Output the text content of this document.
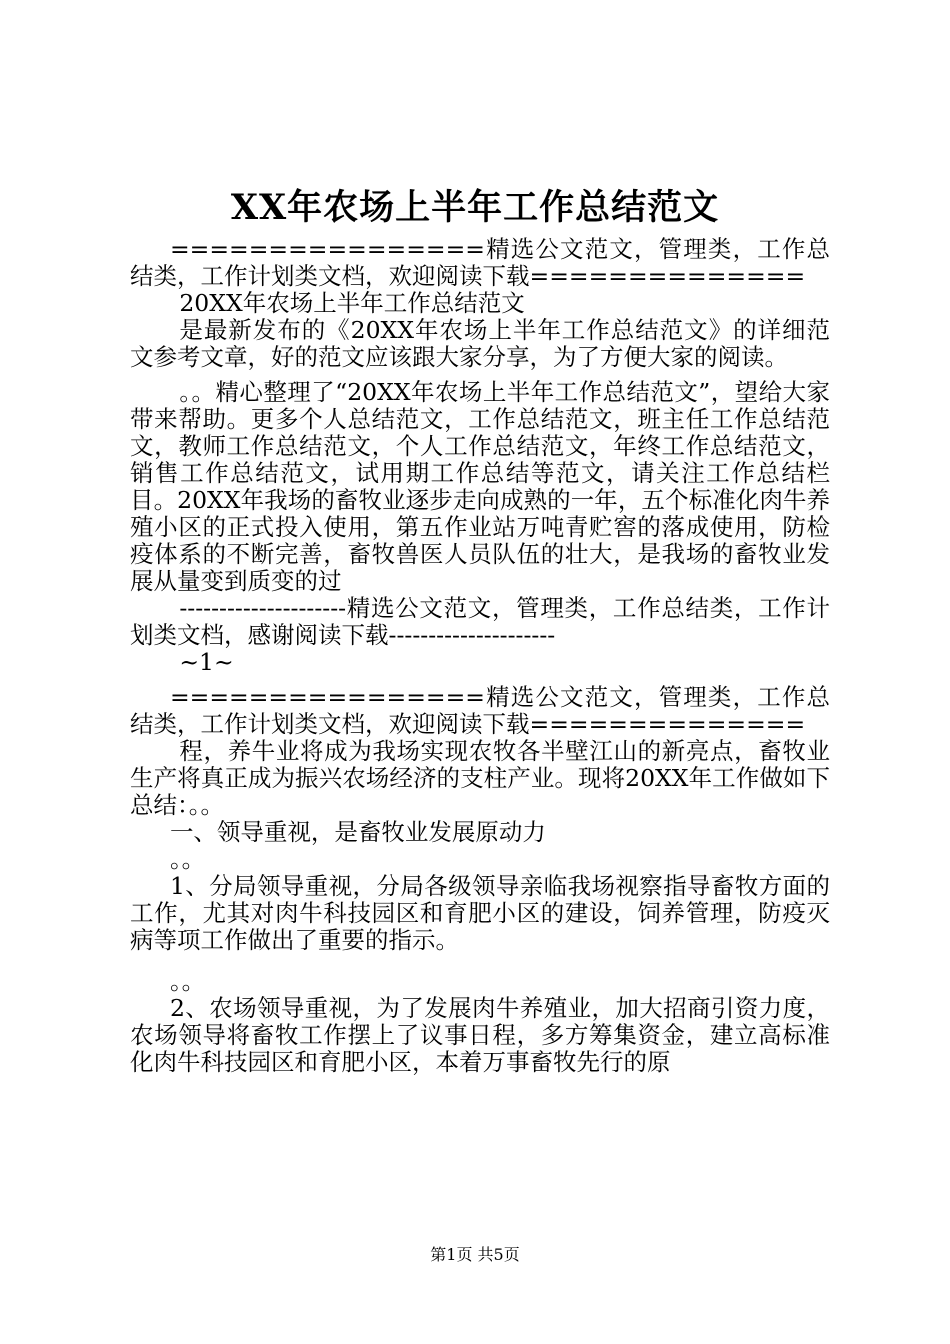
XX年农场上半年工作总结范文

================精选公文范文，管理类，工作总结类，工作计划类文档，欢迎阅读下载==============

20XX年农场上半年工作总结范文

是最新发布的《20XX年农场上半年工作总结范文》的详细范文参考文章，好的范文应该跟大家分享，为了方便大家的阅读。

。。精心整理了“20XX年农场上半年工作总结范文”，望给大家带来帮助。更多个人总结范文，工作总结范文，班主任工作总结范文，教师工作总结范文，个人工作总结范文，年终工作总结范文，销售工作总结范文，试用期工作总结等范文，请关注工作总结栏目。20XX年我场的畜牧业逐步走向成熟的一年，五个标准化肉牛养殖小区的正式投入使用，第五作业站万吨青贮窖的落成使用，防检疫体系的不断完善，畜牧兽医人员队伍的壮大，是我场的畜牧业发展从量变到质变的过

---------------------精选公文范文，管理类，工作总结类，工作计划类文档，感谢阅读下载---------------------

~1~

================精选公文范文，管理类，工作总结类，工作计划类文档，欢迎阅读下载==============

程，养牛业将成为我场实现农牧各半壁江山的新亮点，畜牧业生产将真正成为振兴农场经济的支柱产业。现将20XX年工作做如下总结：。。

一、领导重视，是畜牧业发展原动力

。。

1、分局领导重视，分局各级领导亲临我场视察指导畜牧方面的工作，尤其对肉牛科技园区和育肥小区的建设，饲养管理，防疫灭病等项工作做出了重要的指示。

。。

2、农场领导重视，为了发展肉牛养殖业，加大招商引资力度，农场领导将畜牧工作摆上了议事日程，多方筹集资金，建立高标准化肉牛科技园区和育肥小区，本着万事畜牧先行的原

第1页 共5页
